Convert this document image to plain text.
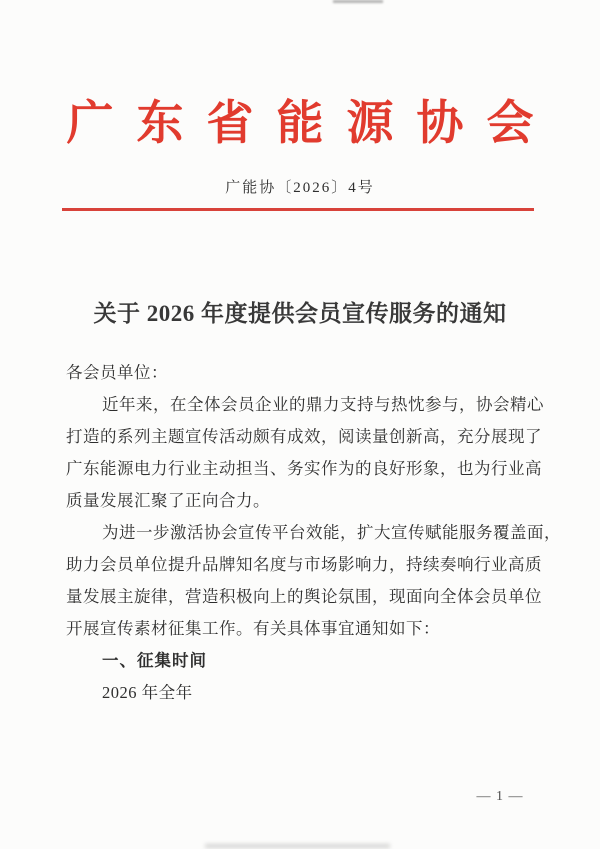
广东省能源协会
广能协〔2026〕4号
关于 2026 年度提供会员宣传服务的通知
各会员单位：
近年来，在全体会员企业的鼎力支持与热忱参与，协会精心
打造的系列主题宣传活动颇有成效，阅读量创新高，充分展现了
广东能源电力行业主动担当、务实作为的良好形象，也为行业高
质量发展汇聚了正向合力。
为进一步激活协会宣传平台效能，扩大宣传赋能服务覆盖面，
助力会员单位提升品牌知名度与市场影响力，持续奏响行业高质
量发展主旋律，营造积极向上的舆论氛围，现面向全体会员单位
开展宣传素材征集工作。有关具体事宜通知如下：
一、征集时间
2026 年全年
— 1 —
